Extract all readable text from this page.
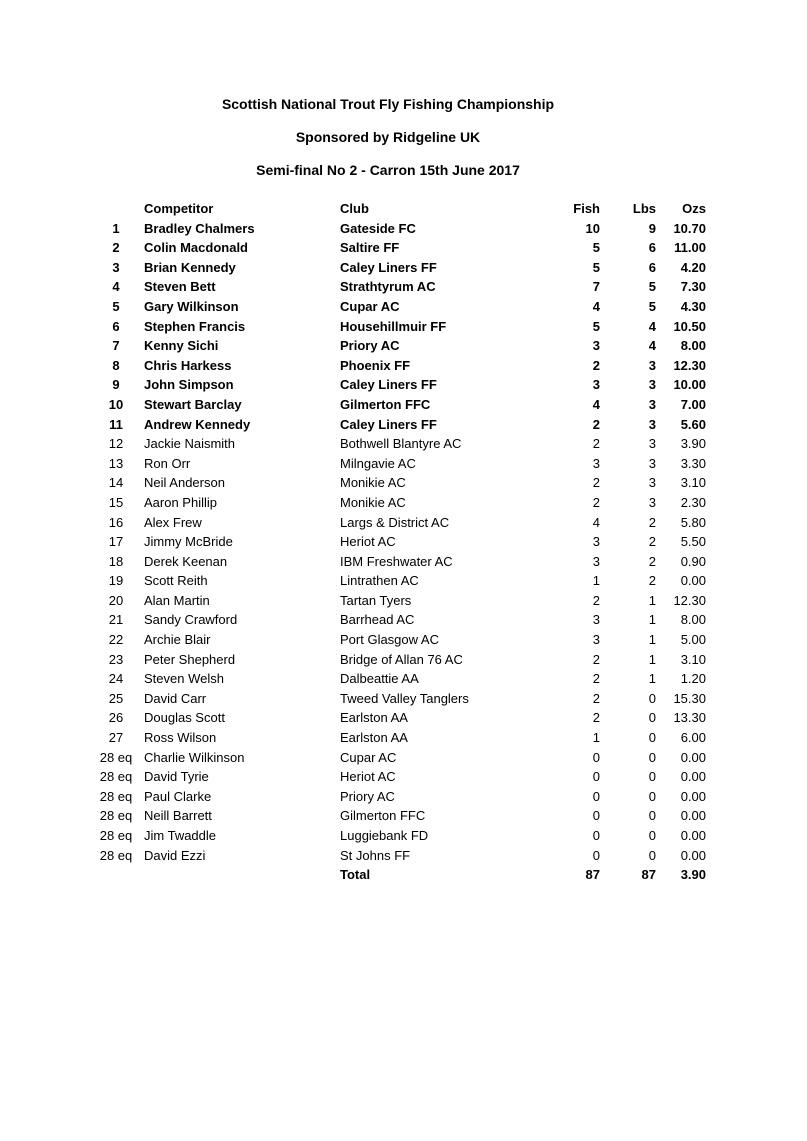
Scottish National Trout Fly Fishing Championship
Sponsored by Ridgeline UK
Semi-final No 2 - Carron 15th June 2017
	Competitor	Club	Fish	Lbs	Ozs
1	Bradley Chalmers	Gateside FC	10	9	10.70
2	Colin Macdonald	Saltire FF	5	6	11.00
3	Brian Kennedy	Caley Liners FF	5	6	4.20
4	Steven Bett	Strathtyrum AC	7	5	7.30
5	Gary Wilkinson	Cupar AC	4	5	4.30
6	Stephen Francis	Househillmuir FF	5	4	10.50
7	Kenny Sichi	Priory AC	3	4	8.00
8	Chris Harkess	Phoenix FF	2	3	12.30
9	John Simpson	Caley Liners FF	3	3	10.00
10	Stewart Barclay	Gilmerton FFC	4	3	7.00
11	Andrew Kennedy	Caley Liners FF	2	3	5.60
12	Jackie Naismith	Bothwell Blantyre AC	2	3	3.90
13	Ron Orr	Milngavie AC	3	3	3.30
14	Neil Anderson	Monikie AC	2	3	3.10
15	Aaron Phillip	Monikie AC	2	3	2.30
16	Alex Frew	Largs & District AC	4	2	5.80
17	Jimmy McBride	Heriot AC	3	2	5.50
18	Derek Keenan	IBM Freshwater AC	3	2	0.90
19	Scott Reith	Lintrathen AC	1	2	0.00
20	Alan Martin	Tartan Tyers	2	1	12.30
21	Sandy Crawford	Barrhead AC	3	1	8.00
22	Archie Blair	Port Glasgow AC	3	1	5.00
23	Peter Shepherd	Bridge of Allan 76 AC	2	1	3.10
24	Steven Welsh	Dalbeattie AA	2	1	1.20
25	David Carr	Tweed Valley Tanglers	2	0	15.30
26	Douglas Scott	Earlston AA	2	0	13.30
27	Ross Wilson	Earlston AA	1	0	6.00
28 eq	Charlie Wilkinson	Cupar AC	0	0	0.00
28 eq	David Tyrie	Heriot AC	0	0	0.00
28 eq	Paul Clarke	Priory AC	0	0	0.00
28 eq	Neill Barrett	Gilmerton FFC	0	0	0.00
28 eq	Jim Twaddle	Luggiebank FD	0	0	0.00
28 eq	David Ezzi	St Johns FF	0	0	0.00
		Total	87	87	3.90
